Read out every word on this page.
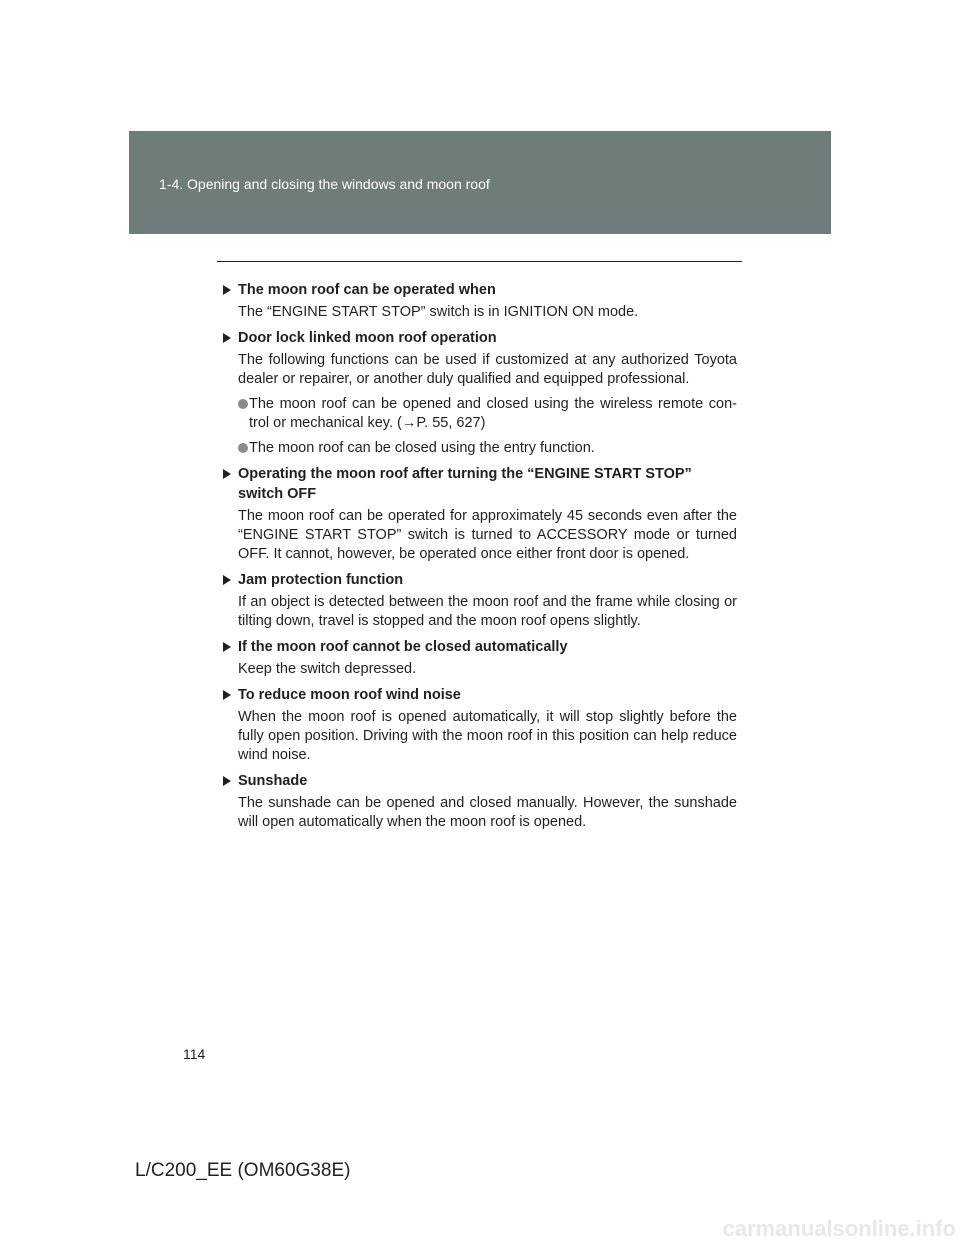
1-4. Opening and closing the windows and moon roof
The moon roof can be operated when

The “ENGINE START STOP” switch is in IGNITION ON mode.

Door lock linked moon roof operation

The following functions can be used if customized at any authorized Toyota dealer or repairer, or another duly qualified and equipped professional.

The moon roof can be opened and closed using the wireless remote con-trol or mechanical key. (→P. 55, 627)
The moon roof can be closed using the entry function.
Operating the moon roof after turning the “ENGINE START STOP” switch OFF

The moon roof can be operated for approximately 45 seconds even after the “ENGINE START STOP” switch is turned to ACCESSORY mode or turned OFF. It cannot, however, be operated once either front door is opened.

Jam protection function

If an object is detected between the moon roof and the frame while closing or tilting down, travel is stopped and the moon roof opens slightly.

If the moon roof cannot be closed automatically

Keep the switch depressed.

To reduce moon roof wind noise

When the moon roof is opened automatically, it will stop slightly before the fully open position. Driving with the moon roof in this position can help reduce wind noise.

Sunshade

The sunshade can be opened and closed manually. However, the sunshade will open automatically when the moon roof is opened.

114
L/C200_EE (OM60G38E)
carmanualsonline.info
